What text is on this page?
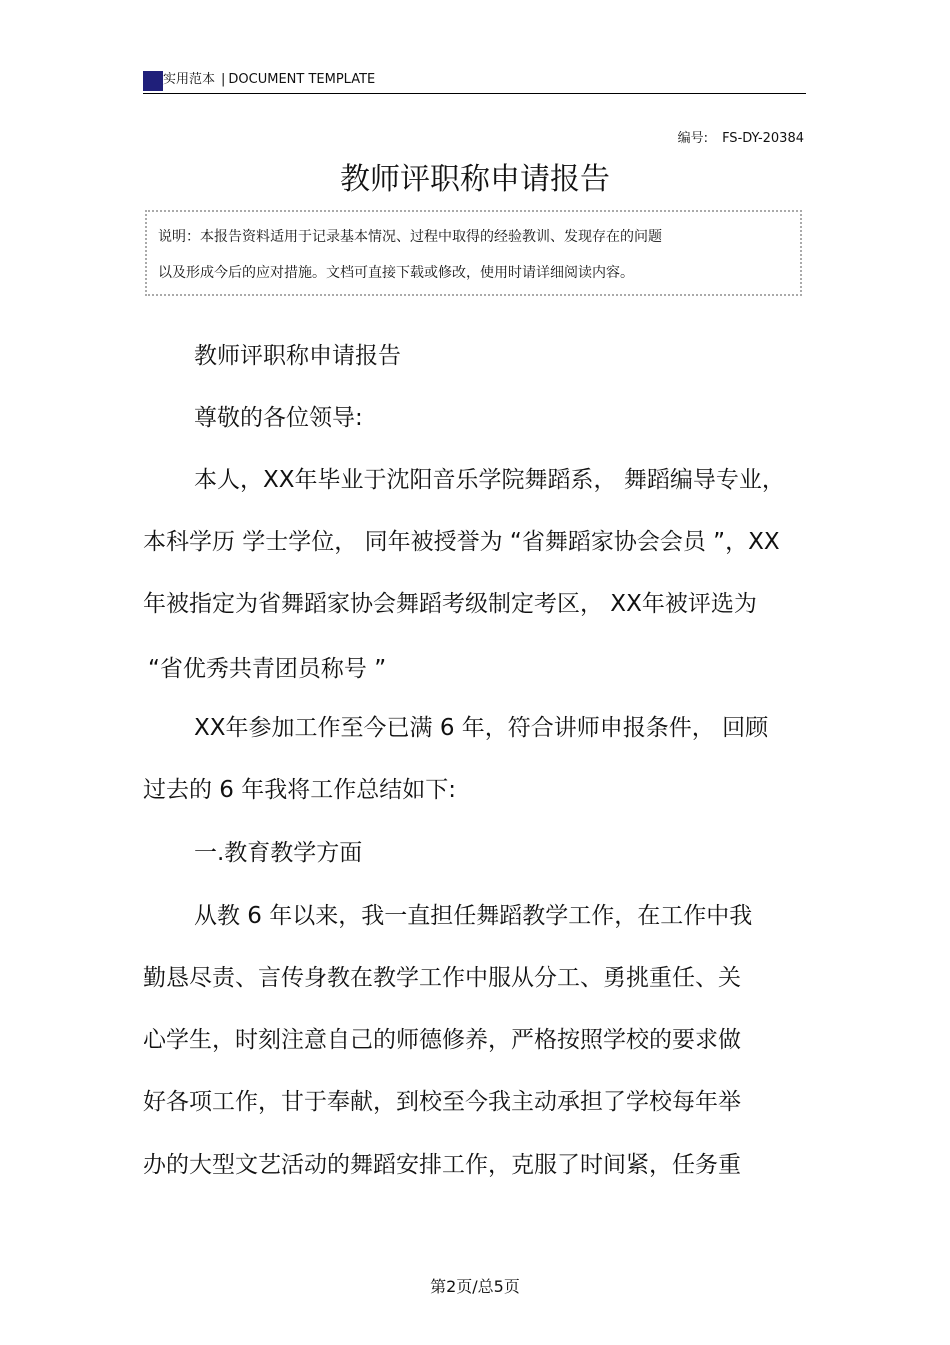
实用范本 | DOCUMENT TEMPLATE
编号: FS-DY-20384
教师评职称申请报告
说明：本报告资料适用于记录基本情况、过程中取得的经验教训、发现存在的问题
以及形成今后的应对措施。文档可直接下载或修改，使用时请详细阅读内容。
教师评职称申请报告
尊敬的各位领导:
本人，XX年毕业于沈阳音乐学院舞蹈系， 舞蹈编导专业，
本科学历 学士学位， 同年被授誉为 “省舞蹈家协会会员 ”，XX
年被指定为省舞蹈家协会舞蹈考级制定考区， XX年被评选为
“省优秀共青团员称号 ”
XX年参加工作至今已满 6 年，符合讲师申报条件， 回顾
过去的 6 年我将工作总结如下:
一.教育教学方面
从教 6 年以来，我一直担任舞蹈教学工作，在工作中我
勤恳尽责、言传身教在教学工作中服从分工、勇挑重任、关
心学生，时刻注意自己的师德修养，严格按照学校的要求做
好各项工作，甘于奉献，到校至今我主动承担了学校每年举
办的大型文艺活动的舞蹈安排工作，克服了时间紧，任务重
第2页/总5页
